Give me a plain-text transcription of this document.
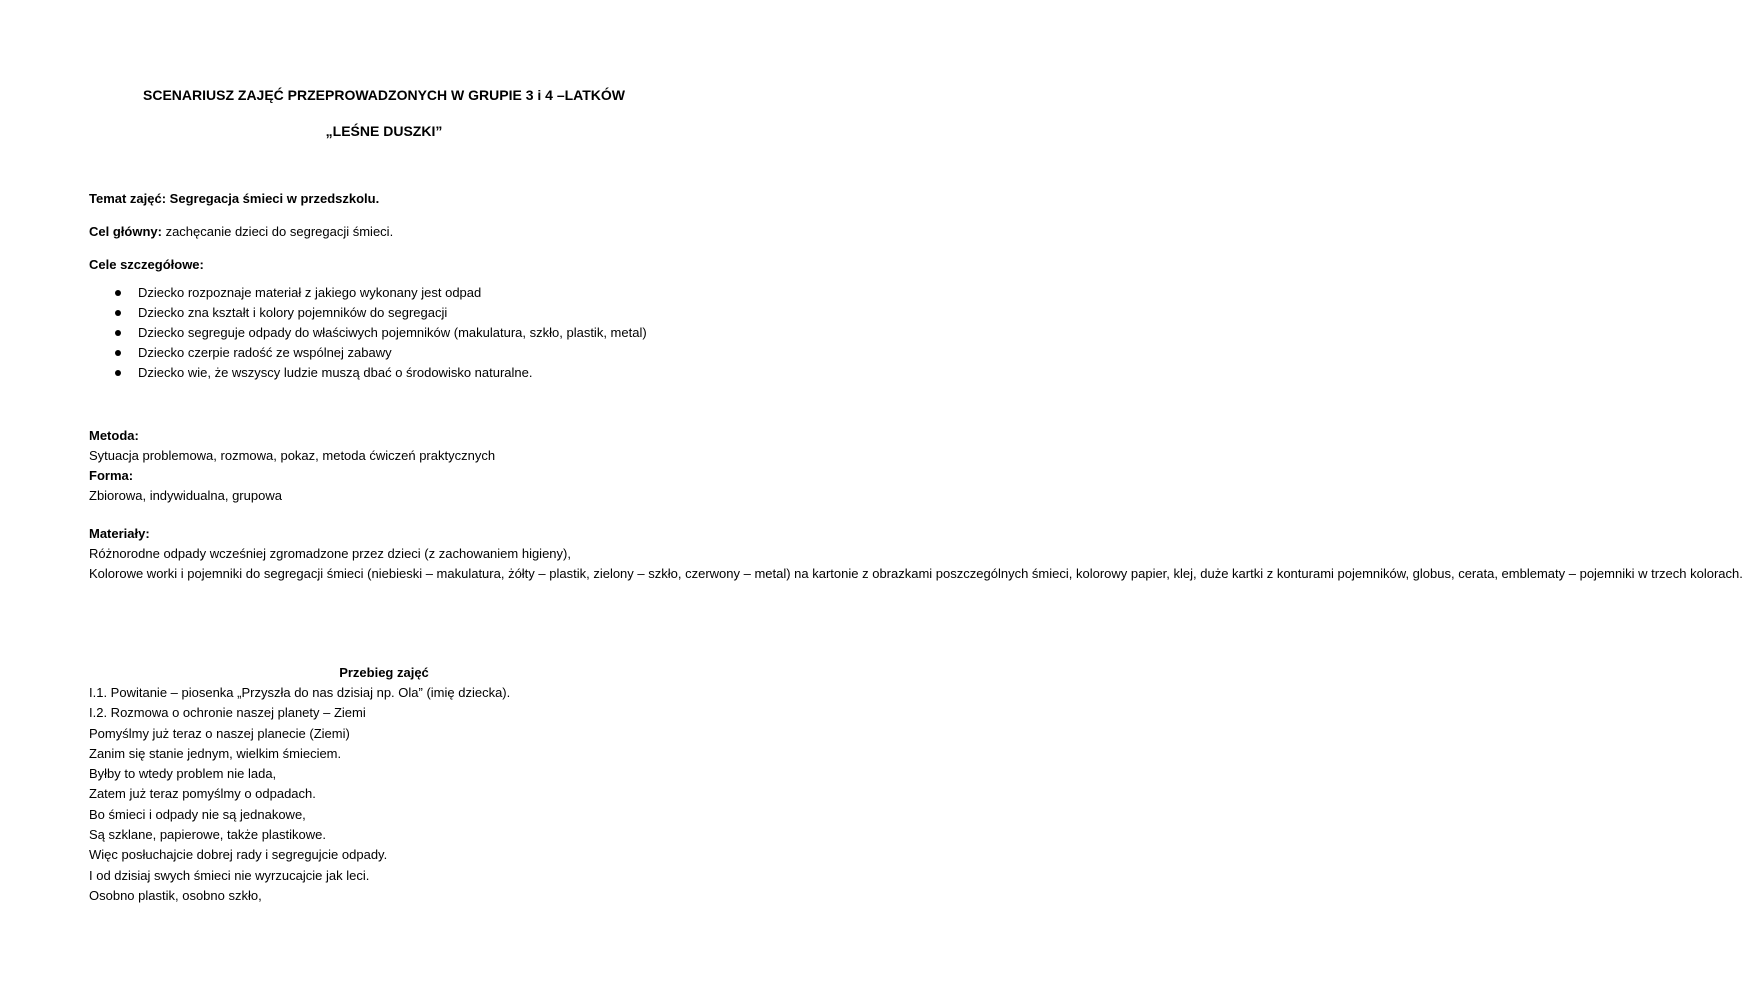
SCENARIUSZ ZAJĘĆ PRZEPROWADZONYCH W GRUPIE 3 i 4 –LATKÓW
„LEŚNE DUSZKI”

Temat zajęć: Segregacja śmieci w przedszkolu.

Cel główny: zachęcanie dzieci do segregacji śmieci.

Cele szczegółowe:

Dziecko rozpoznaje materiał z jakiego wykonany jest odpad
Dziecko zna kształt i kolory pojemników do segregacji
Dziecko segreguje odpady do właściwych pojemników (makulatura, szkło, plastik, metal)
Dziecko czerpie radość ze wspólnej zabawy
Dziecko wie, że wszyscy ludzie muszą dbać o środowisko naturalne.
Metoda:
Sytuacja problemowa, rozmowa, pokaz, metoda ćwiczeń praktycznych
Forma:
Zbiorowa, indywidualna, grupowa
Materiały:
Różnorodne odpady wcześniej zgromadzone przez dzieci (z zachowaniem higieny),
Kolorowe worki i pojemniki do segregacji śmieci (niebieski – makulatura, żółty – plastik, zielony – szkło, czerwony – metal) na kartonie z obrazkami poszczególnych śmieci, kolorowy papier, klej, duże kartki z konturami pojemników, globus, cerata, emblematy – pojemniki w trzech kolorach.
Przebieg zajęć
I.1. Powitanie – piosenka „Przyszła do nas dzisiaj np. Ola” (imię dziecka).
I.2. Rozmowa o ochronie naszej planety – Ziemi
Pomyślmy już teraz o naszej planecie (Ziemi)
Zanim się stanie jednym, wielkim śmieciem.
Byłby to wtedy problem nie lada,
Zatem już teraz pomyślmy o odpadach.
Bo śmieci i odpady nie są jednakowe,
Są szklane, papierowe, także plastikowe.
Więc posłuchajcie dobrej rady i segregujcie odpady.
I od dzisiaj swych śmieci nie wyrzucajcie jak leci.
Osobno plastik, osobno szkło,
